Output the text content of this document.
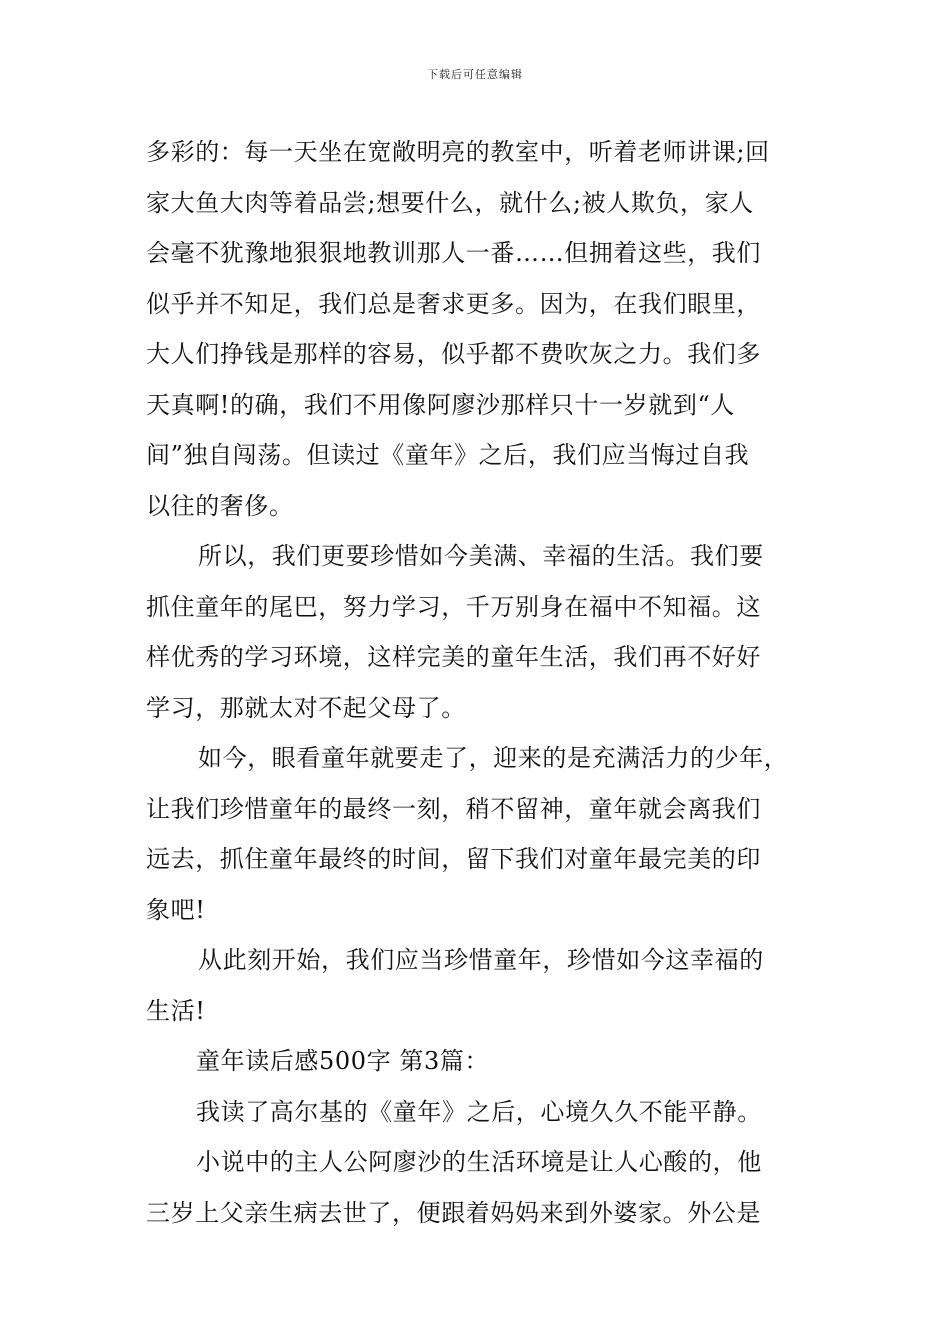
下载后可任意编辑
多彩的：每一天坐在宽敞明亮的教室中，听着老师讲课;回
家大鱼大肉等着品尝;想要什么，就什么;被人欺负，家人
会毫不犹豫地狠狠地教训那人一番……但拥着这些，我们
似乎并不知足，我们总是奢求更多。因为，在我们眼里，
大人们挣钱是那样的容易，似乎都不费吹灰之力。我们多
天真啊!的确，我们不用像阿廖沙那样只十一岁就到“人
间”独自闯荡。但读过《童年》之后，我们应当悔过自我
以往的奢侈。
所以，我们更要珍惜如今美满、幸福的生活。我们要
抓住童年的尾巴，努力学习，千万别身在福中不知福。这
样优秀的学习环境，这样完美的童年生活，我们再不好好
学习，那就太对不起父母了。
如今，眼看童年就要走了，迎来的是充满活力的少年，
让我们珍惜童年的最终一刻，稍不留神，童年就会离我们
远去，抓住童年最终的时间，留下我们对童年最完美的印
象吧!
从此刻开始，我们应当珍惜童年，珍惜如今这幸福的
生活!
童年读后感500字 第3篇：
我读了高尔基的《童年》之后，心境久久不能平静。
小说中的主人公阿廖沙的生活环境是让人心酸的，他
三岁上父亲生病去世了，便跟着妈妈来到外婆家。外公是
